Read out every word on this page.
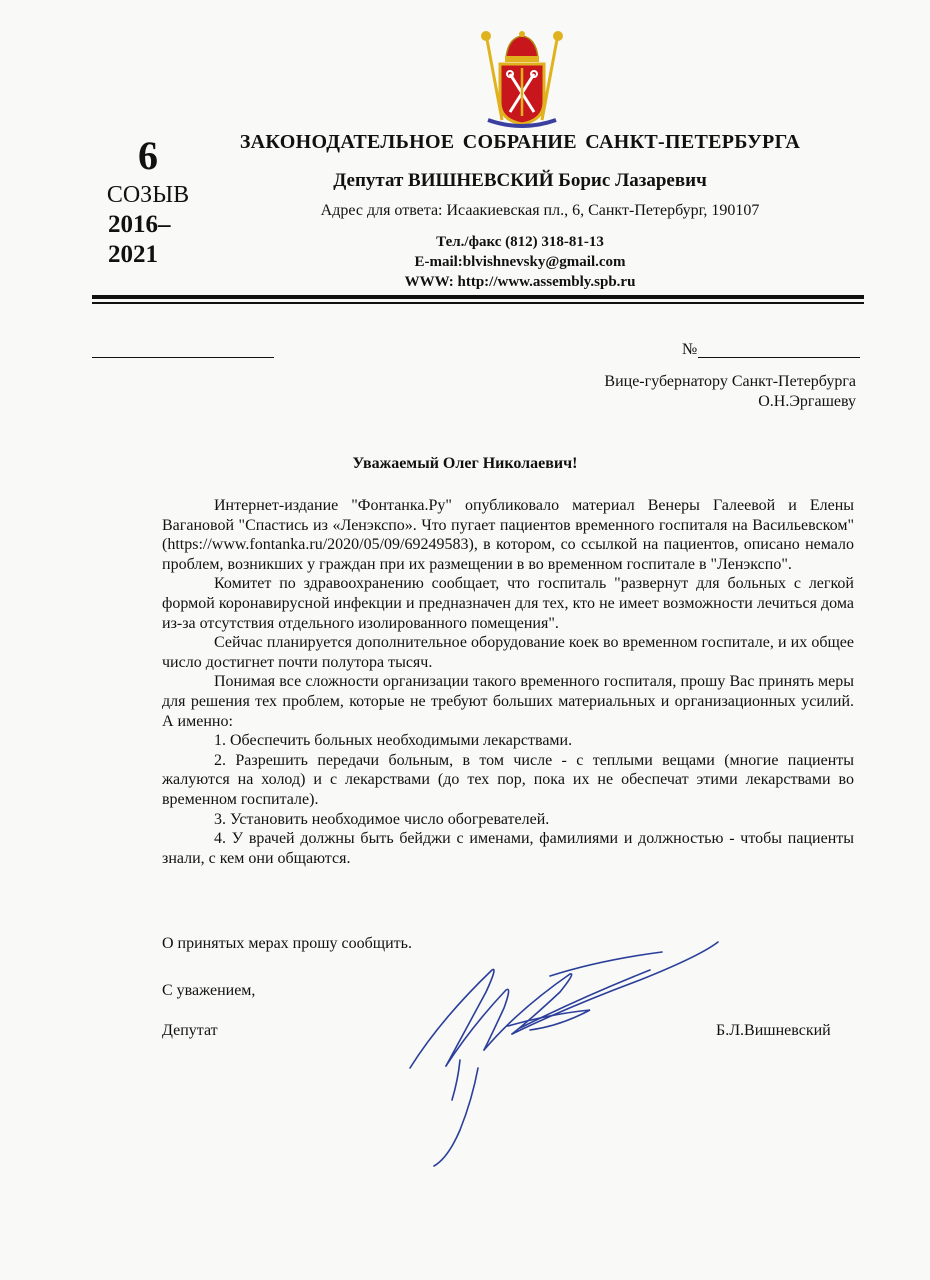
6
СОЗЫВ
2016–
2021
ЗАКОНОДАТЕЛЬНОЕ СОБРАНИЕ САНКТ-ПЕТЕРБУРГА
Депутат ВИШНЕВСКИЙ Борис Лазаревич
Адрес для ответа: Исаакиевская пл., 6, Санкт-Петербург, 190107
Тел./факс (812) 318-81-13
E-mail:blvishnevsky@gmail.com
WWW: http://www.assembly.spb.ru
№
Вице-губернатору Санкт-Петербурга
О.Н.Эргашеву
Уважаемый Олег Николаевич!

Интернет-издание "Фонтанка.Ру" опубликовало материал Венеры Галеевой и Елены Вагановой "Спастись из «Ленэкспо». Что пугает пациентов временного госпиталя на Васильевском" (https://www.fontanka.ru/2020/05/09/69249583), в котором, со ссылкой на пациентов, описано немало проблем, возникших у граждан при их размещении в во временном госпитале в "Ленэкспо".

Комитет по здравоохранению сообщает, что госпиталь "развернут для больных с легкой формой коронавирусной инфекции и предназначен для тех, кто не имеет возможности лечиться дома из-за отсутствия отдельного изолированного помещения".

Сейчас планируется дополнительное оборудование коек во временном госпитале, и их общее число достигнет почти полутора тысяч.

Понимая все сложности организации такого временного госпиталя, прошу Вас принять меры для решения тех проблем, которые не требуют больших материальных и организационных усилий. А именно:

1. Обеспечить больных необходимыми лекарствами.

2. Разрешить передачи больным, в том числе - с теплыми вещами (многие пациенты жалуются на холод) и с лекарствами (до тех пор, пока их не обеспечат этими лекарствами во временном госпитале).

3. Установить необходимое число обогревателей.

4. У врачей должны быть бейджи с именами, фамилиями и должностью - чтобы пациенты знали, с кем они общаются.

О принятых мерах прошу сообщить.
С уважением,
Депутат	Б.Л.Вишневский
